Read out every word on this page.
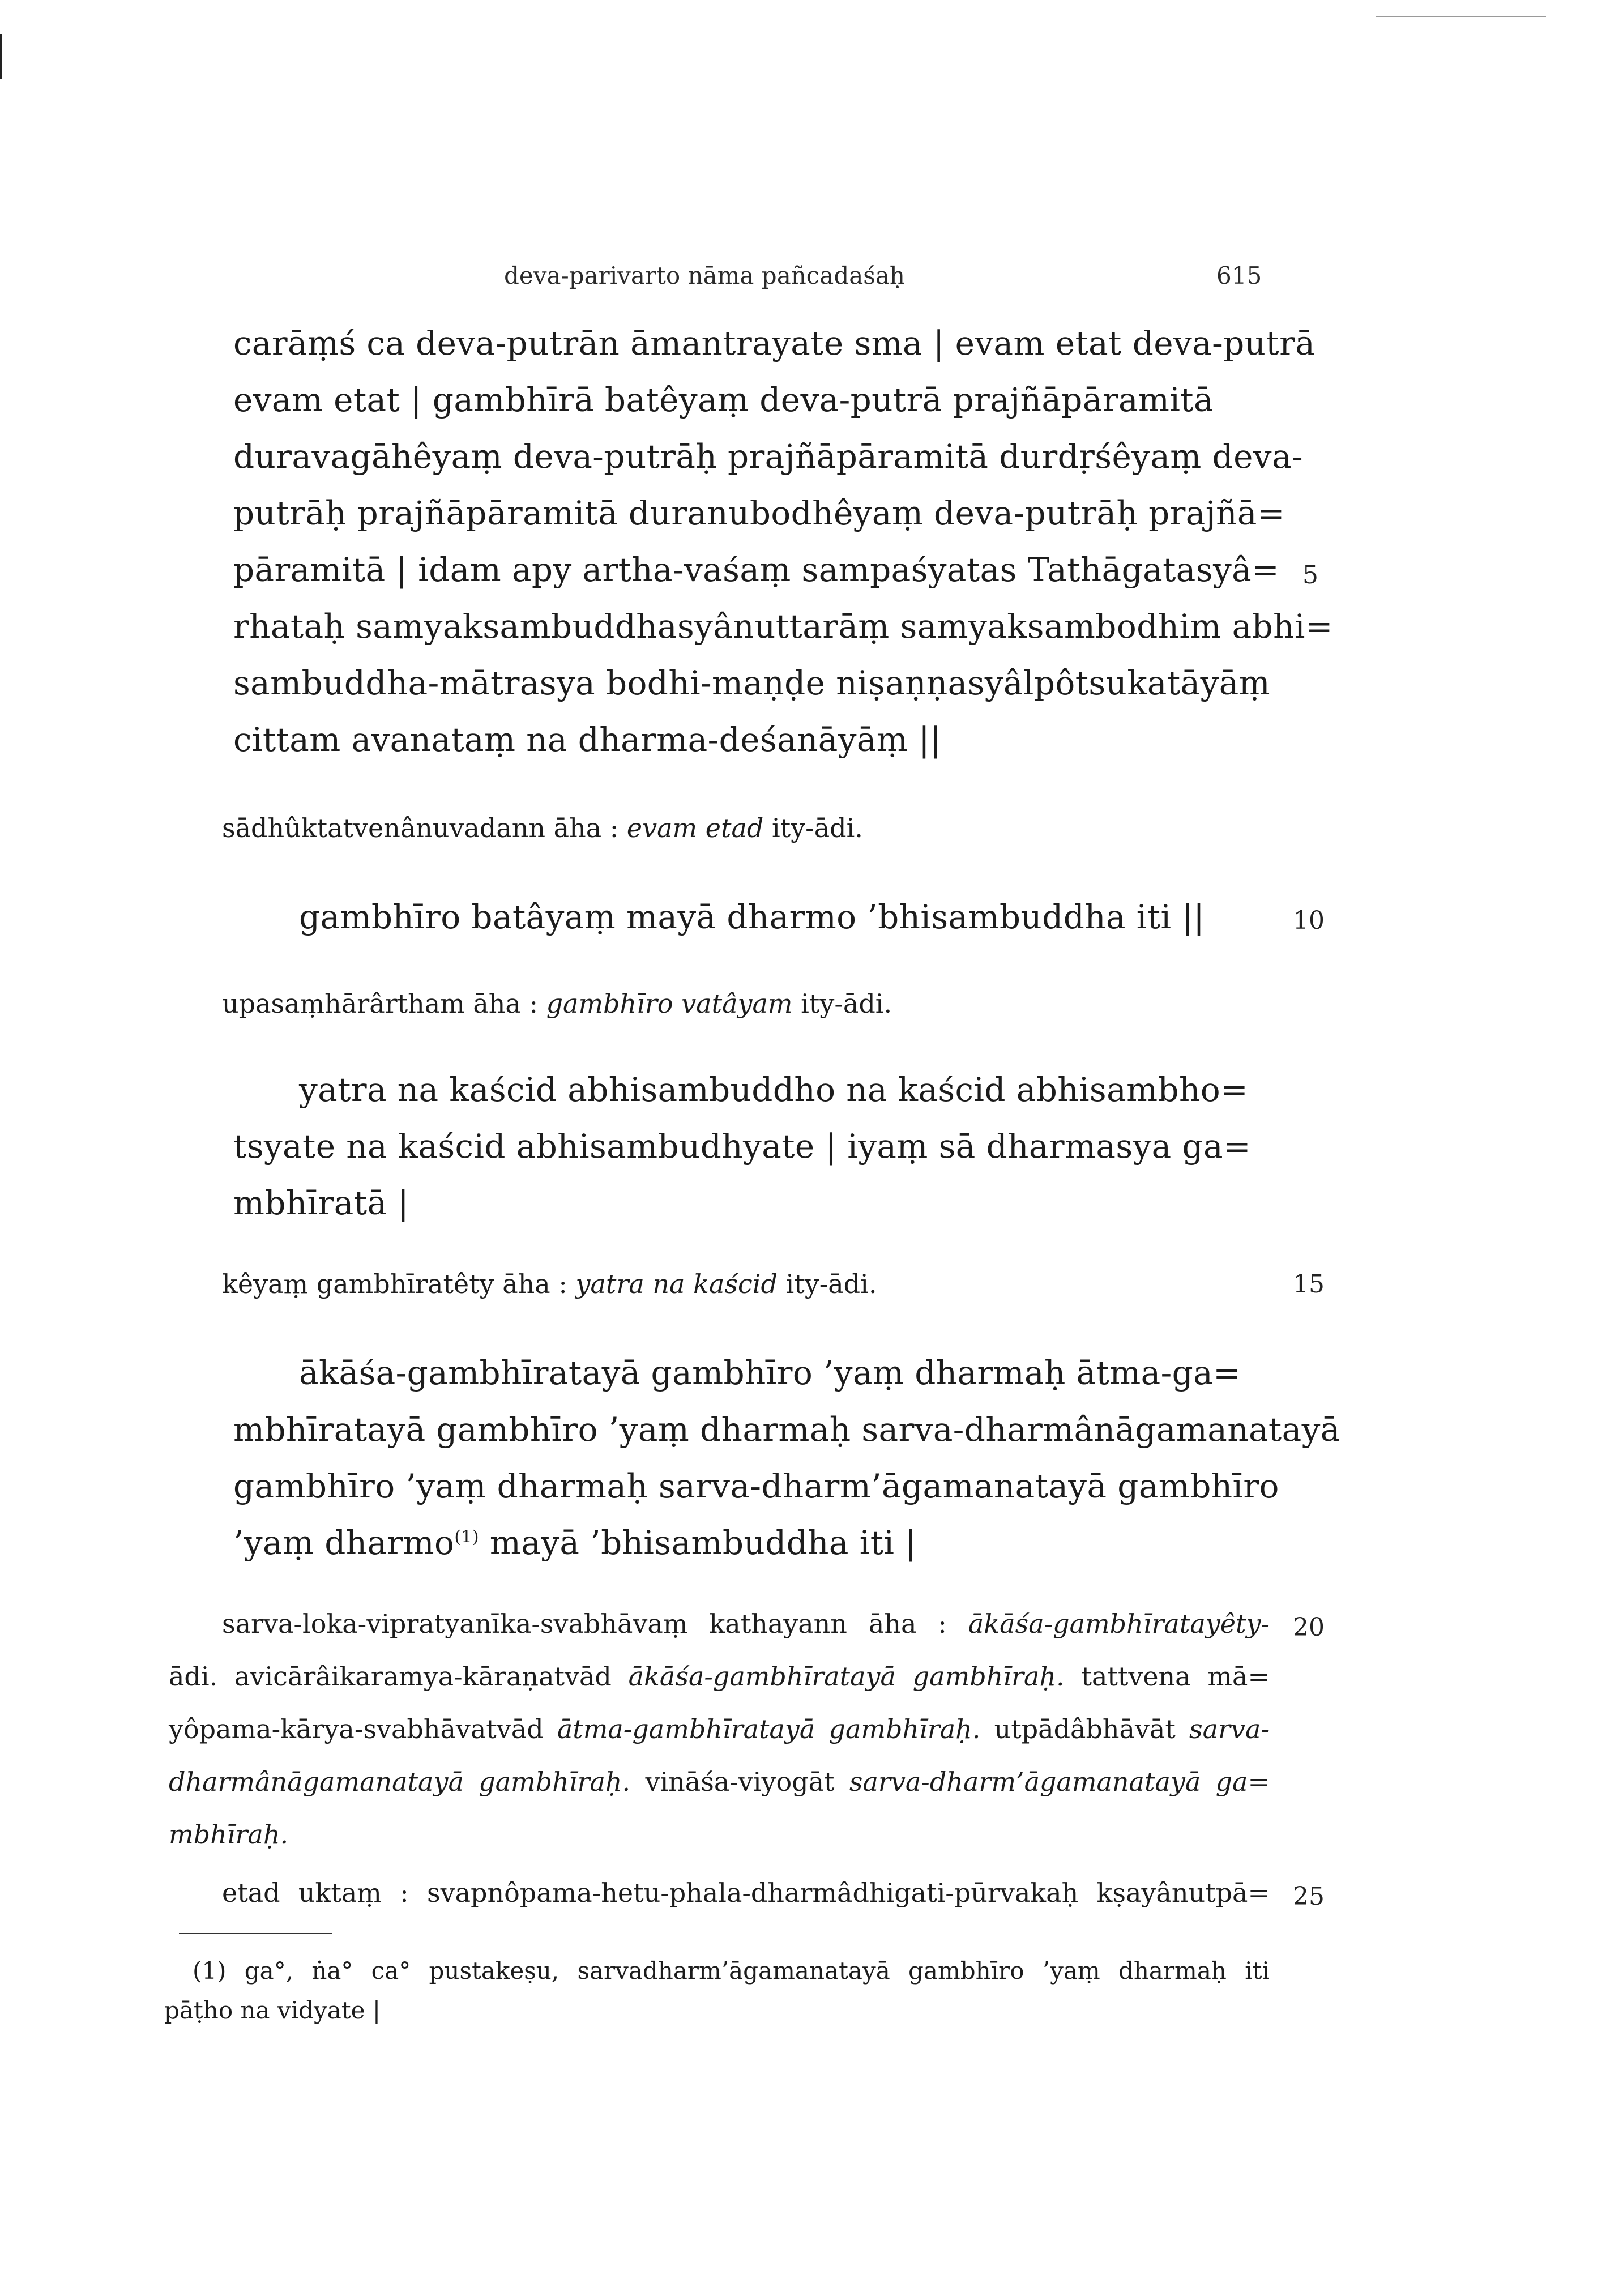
deva-parivarto nāma pañcadaśaḥ	615
carāṃś ca deva-putrān āmantrayate sma | evam etat deva-putrā
evam etat | gambhīrā batêyaṃ deva-putrā prajñāpāramitā
duravagāhêyaṃ deva-putrāḥ prajñāpāramitā durdṛśêyaṃ deva-
putrāḥ prajñāpāramitā duranubodhêyaṃ deva-putrāḥ prajñā=
pāramitā | idam apy artha-vaśaṃ sampaśyatas Tathāgatasyâ=
rhataḥ samyaksambuddhasyânuttarāṃ samyaksambodhim abhi=
sambuddha-mātrasya bodhi-maṇḍe niṣaṇṇasyâlpôtsukatāyāṃ
cittam avanataṃ na dharma-deśanāyāṃ ||
5
sādhûktatvenânuvadann āha : evam etad ity-ādi.
gambhīro batâyaṃ mayā dharmo ’bhisambuddha iti ||	10
upasaṃhārârtham āha : gambhīro vatâyam ity-ādi.
yatra na kaścid abhisambuddho na kaścid abhisambho=
tsyate na kaścid abhisambudhyate | iyaṃ sā dharmasya ga=
mbhīratā |
kêyaṃ gambhīratêty āha : yatra na kaścid ity-ādi.	15
ākāśa-gambhīratayā gambhīro ’yaṃ dharmaḥ ātma-ga=
mbhīratayā gambhīro ’yaṃ dharmaḥ sarva-dharmânāgamanatayā
gambhīro ’yaṃ dharmaḥ sarva-dharm’āgamanatayā gambhīro
’yaṃ dharmo$^{(1)}$ mayā ’bhisambuddha iti |
sarva-loka-vipratyanīka-svabhāvaṃ kathayann āha : ākāśa-gambhīratayêty- 20
ādi. avicārâikaramya-kāraṇatvād ākāśa-gambhīratayā gambhīraḥ. tattvena mā=
yôpama-kārya-svabhāvatvād ātma-gambhīratayā gambhīraḥ. utpādâbhāvāt sarva-
dharmânāgamanatayā gambhīraḥ. vināśa-viyogāt sarva-dharm’āgamanatayā ga=
mbhīraḥ.
etad uktaṃ : svapnôpama-hetu-phala-dharmâdhigati-pūrvakaḥ kṣayânutpā= 25
(1) ga°, ṅa° ca° pustakeṣu, sarvadharm’āgamanatayā gambhīro ’yaṃ dharmaḥ iti
pāṭho na vidyate |
